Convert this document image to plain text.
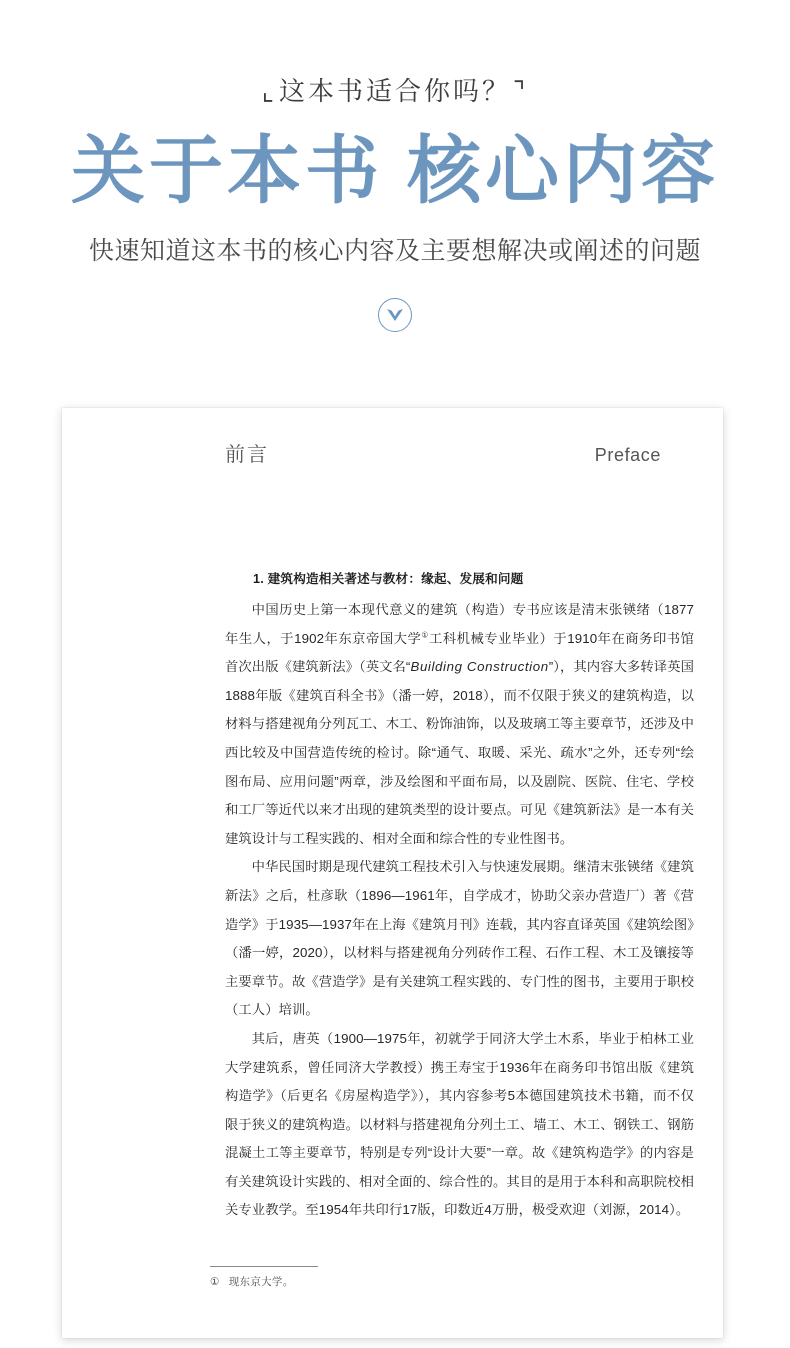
⌞这本书适合你吗？⌝
关于本书 核心内容
快速知道这本书的核心内容及主要想解决或阐述的问题
前言	Preface
1. 建筑构造相关著述与教材：缘起、发展和问题

中国历史上第一本现代意义的建筑（构造）专书应该是清末张锳绪（1877年生人，于1902年东京帝国大学①工科机械专业毕业）于1910年在商务印书馆首次出版《建筑新法》（英文名“Building Construction”），其内容大多转译英国1888年版《建筑百科全书》（潘一婷，2018），而不仅限于狭义的建筑构造，以材料与搭建视角分列瓦工、木工、粉饰油饰，以及玻璃工等主要章节，还涉及中西比较及中国营造传统的检讨。除“通气、取暖、采光、疏水”之外，还专列“绘图布局、应用问题”两章，涉及绘图和平面布局，以及剧院、医院、住宅、学校和工厂等近代以来才出现的建筑类型的设计要点。可见《建筑新法》是一本有关建筑设计与工程实践的、相对全面和综合性的专业性图书。

中华民国时期是现代建筑工程技术引入与快速发展期。继清末张锳绪《建筑新法》之后，杜彦耿（1896—1961年，自学成才，协助父亲办营造厂）著《营造学》于1935—1937年在上海《建筑月刊》连载，其内容直译英国《建筑绘图》（潘一婷，2020），以材料与搭建视角分列砖作工程、石作工程、木工及镶接等主要章节。故《营造学》是有关建筑工程实践的、专门性的图书，主要用于职校（工人）培训。

其后，唐英（1900—1975年，初就学于同济大学土木系，毕业于柏林工业大学建筑系，曾任同济大学教授）携王寿宝于1936年在商务印书馆出版《建筑构造学》（后更名《房屋构造学》），其内容参考5本德国建筑技术书籍，而不仅限于狭义的建筑构造。以材料与搭建视角分列土工、墙工、木工、钢铁工、钢筋混凝土工等主要章节，特别是专列“设计大要”一章。故《建筑构造学》的内容是有关建筑设计实践的、相对全面的、综合性的。其目的是用于本科和高职院校相关专业教学。至1954年共印行17版，印数近4万册，极受欢迎（刘源，2014）。

① 现东京大学。
